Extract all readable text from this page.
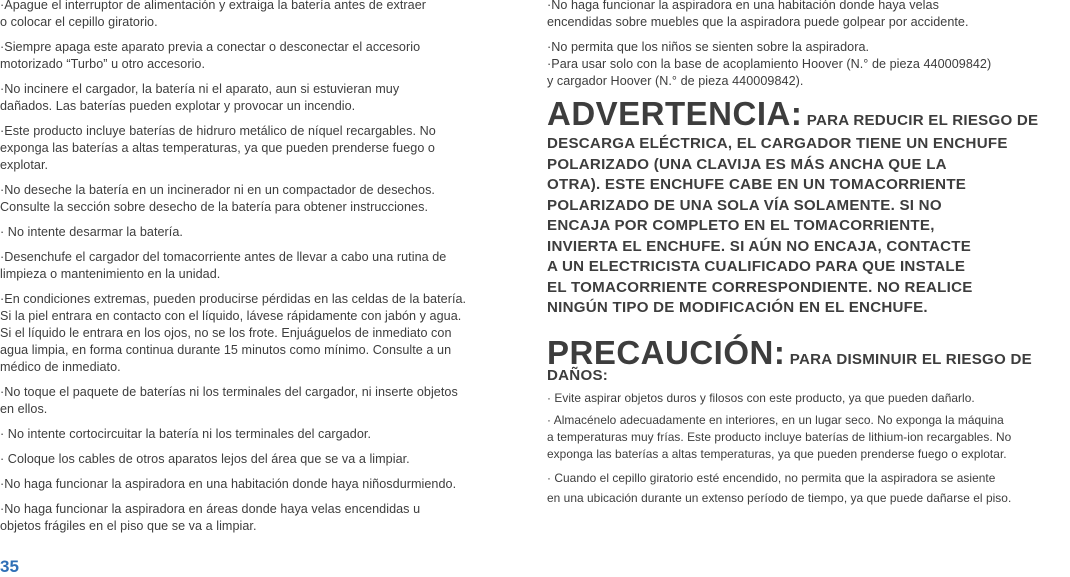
·Apague el interruptor de alimentación y extraiga la batería antes de extraer
o colocar el cepillo giratorio.

·Siempre apaga este aparato previa a conectar o desconectar el accesorio
motorizado “Turbo” u otro accesorio.

·No incinere el cargador, la batería ni el aparato, aun si estuvieran muy
dañados. Las baterías pueden explotar y provocar un incendio.

·Este producto incluye baterías de hidruro metálico de níquel recargables. No
exponga las baterías a altas temperaturas, ya que pueden prenderse fuego o
explotar.

·No deseche la batería en un incinerador ni en un compactador de desechos.
Consulte la sección sobre desecho de la batería para obtener instrucciones.

· No intente desarmar la batería.

·Desenchufe el cargador del tomacorriente antes de llevar a cabo una rutina de
limpieza o mantenimiento en la unidad.

·En condiciones extremas, pueden producirse pérdidas en las celdas de la batería.
Si la piel entrara en contacto con el líquido, lávese rápidamente con jabón y agua.
Si el líquido le entrara en los ojos, no se los frote. Enjuáguelos de inmediato con
agua limpia, en forma continua durante 15 minutos como mínimo. Consulte a un
médico de inmediato.

·No toque el paquete de baterías ni los terminales del cargador, ni inserte objetos
en ellos.

· No intente cortocircuitar la batería ni los terminales del cargador.

· Coloque los cables de otros aparatos lejos del área que se va a limpiar.

·No haga funcionar la aspiradora en una habitación donde haya niñosdurmiendo.

·No haga funcionar la aspiradora en áreas donde haya velas encendidas u
objetos frágiles en el piso que se va a limpiar.

·No haga funcionar la aspiradora en una habitación donde haya velas
encendidas sobre muebles que la aspiradora puede golpear por accidente.

·No permita que los niños se sienten sobre la aspiradora.
·Para usar solo con la base de acoplamiento Hoover (N.° de pieza 440009842)
y cargador Hoover (N.° de pieza 440009842).

ADVERTENCIA: PARA REDUCIR EL RIESGO DE
DESCARGA ELÉCTRICA, EL CARGADOR TIENE UN ENCHUFE
POLARIZADO (UNA CLAVIJA ES MÁS ANCHA QUE LA
OTRA). ESTE ENCHUFE CABE EN UN TOMACORRIENTE
POLARIZADO DE UNA SOLA VÍA SOLAMENTE. SI NO
ENCAJA POR COMPLETO EN EL TOMACORRIENTE,
INVIERTA EL ENCHUFE. SI AÚN NO ENCAJA, CONTACTE
A UN ELECTRICISTA CUALIFICADO PARA QUE INSTALE
EL TOMACORRIENTE CORRESPONDIENTE. NO REALICE
NINGÚN TIPO DE MODIFICACIÓN EN EL ENCHUFE.
PRECAUCIÓN: PARA DISMINUIR EL RIESGO DE
DAÑOS:

· Evite aspirar objetos duros y filosos con este producto, ya que pueden dañarlo.

· Almacénelo adecuadamente en interiores, en un lugar seco. No exponga la máquina
a temperaturas muy frías. Este producto incluye baterías de lithium-ion recargables. No
exponga las baterías a altas temperaturas, ya que pueden prenderse fuego o explotar.

· Cuando el cepillo giratorio esté encendido, no permita que la aspiradora se asiente
en una ubicación durante un extenso período de tiempo, ya que puede dañarse el piso.

35
